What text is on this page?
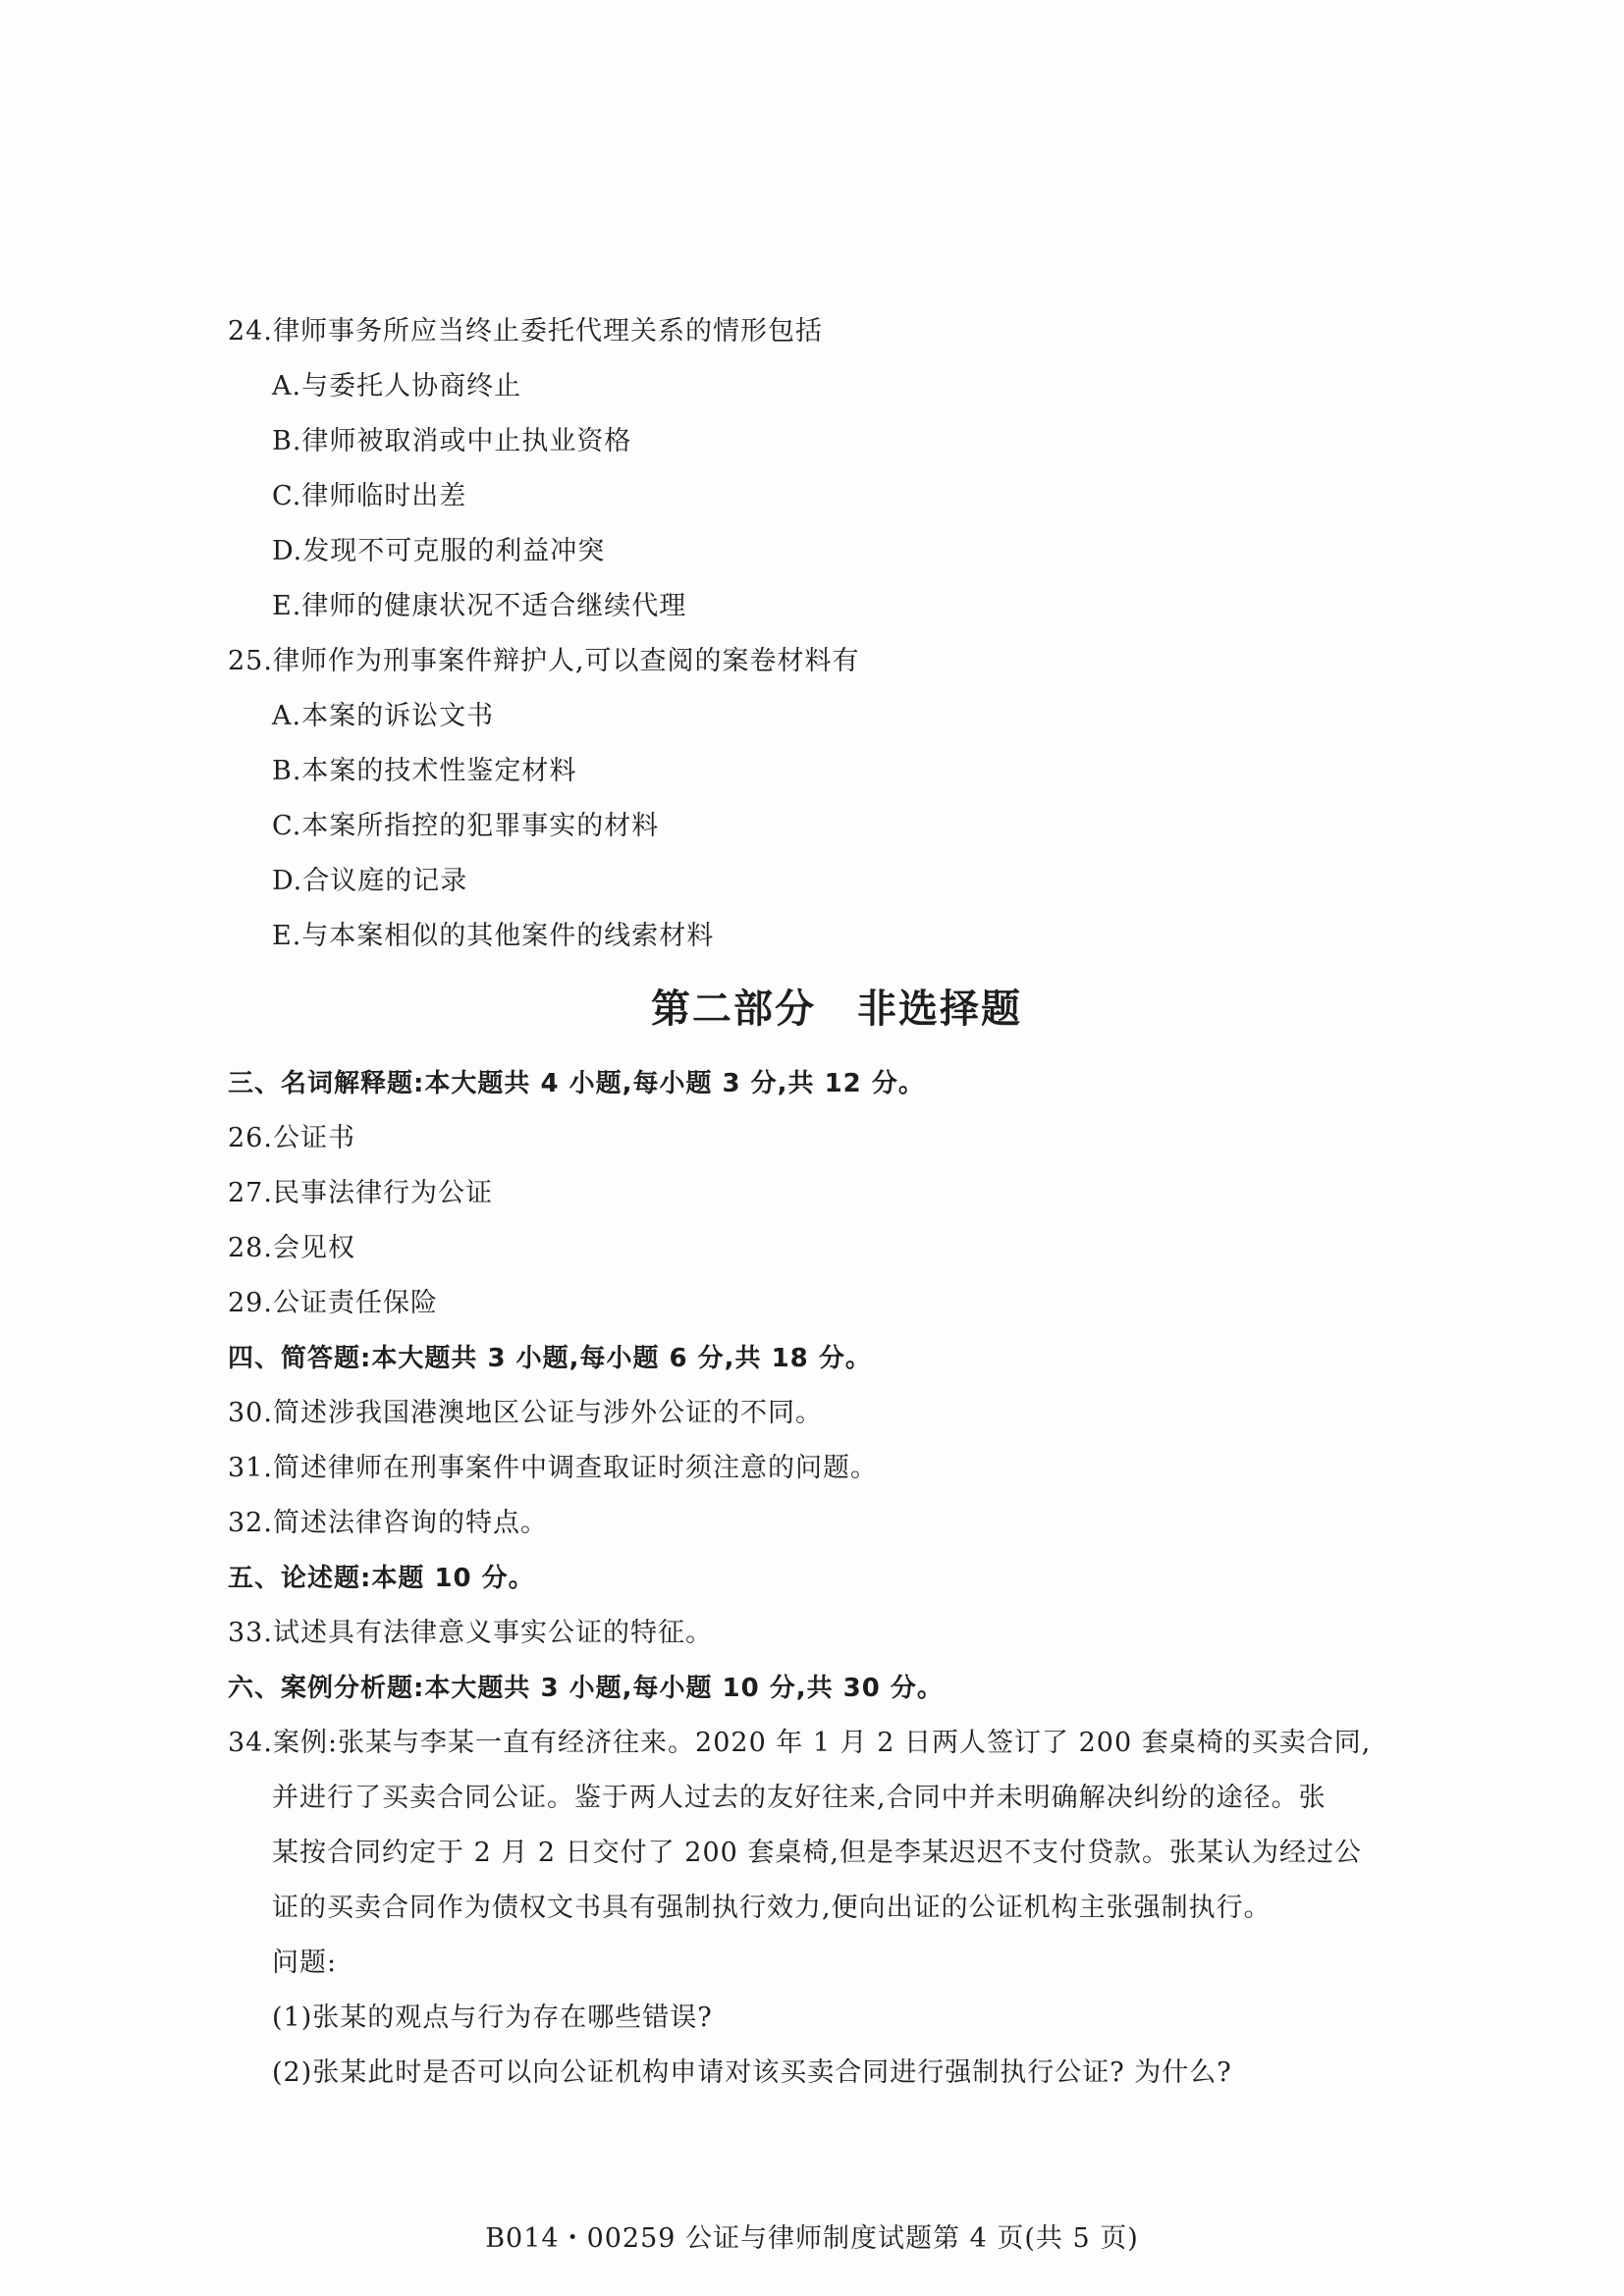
24.律师事务所应当终止委托代理关系的情形包括
A.与委托人协商终止
B.律师被取消或中止执业资格
C.律师临时出差
D.发现不可克服的利益冲突
E.律师的健康状况不适合继续代理
25.律师作为刑事案件辩护人,可以查阅的案卷材料有
A.本案的诉讼文书
B.本案的技术性鉴定材料
C.本案所指控的犯罪事实的材料
D.合议庭的记录
E.与本案相似的其他案件的线索材料
第二部分　非选择题
三、名词解释题:本大题共 4 小题,每小题 3 分,共 12 分。
26.公证书
27.民事法律行为公证
28.会见权
29.公证责任保险
四、简答题:本大题共 3 小题,每小题 6 分,共 18 分。
30.简述涉我国港澳地区公证与涉外公证的不同。
31.简述律师在刑事案件中调查取证时须注意的问题。
32.简述法律咨询的特点。
五、论述题:本题 10 分。
33.试述具有法律意义事实公证的特征。
六、案例分析题:本大题共 3 小题,每小题 10 分,共 30 分。
34.案例:张某与李某一直有经济往来。2020 年 1 月 2 日两人签订了 200 套桌椅的买卖合同,
并进行了买卖合同公证。鉴于两人过去的友好往来,合同中并未明确解决纠纷的途径。张
某按合同约定于 2 月 2 日交付了 200 套桌椅,但是李某迟迟不支付贷款。张某认为经过公
证的买卖合同作为债权文书具有强制执行效力,便向出证的公证机构主张强制执行。
问题:
(1)张某的观点与行为存在哪些错误?
(2)张某此时是否可以向公证机构申请对该买卖合同进行强制执行公证? 为什么?
B014・00259 公证与律师制度试题第 4 页(共 5 页)
